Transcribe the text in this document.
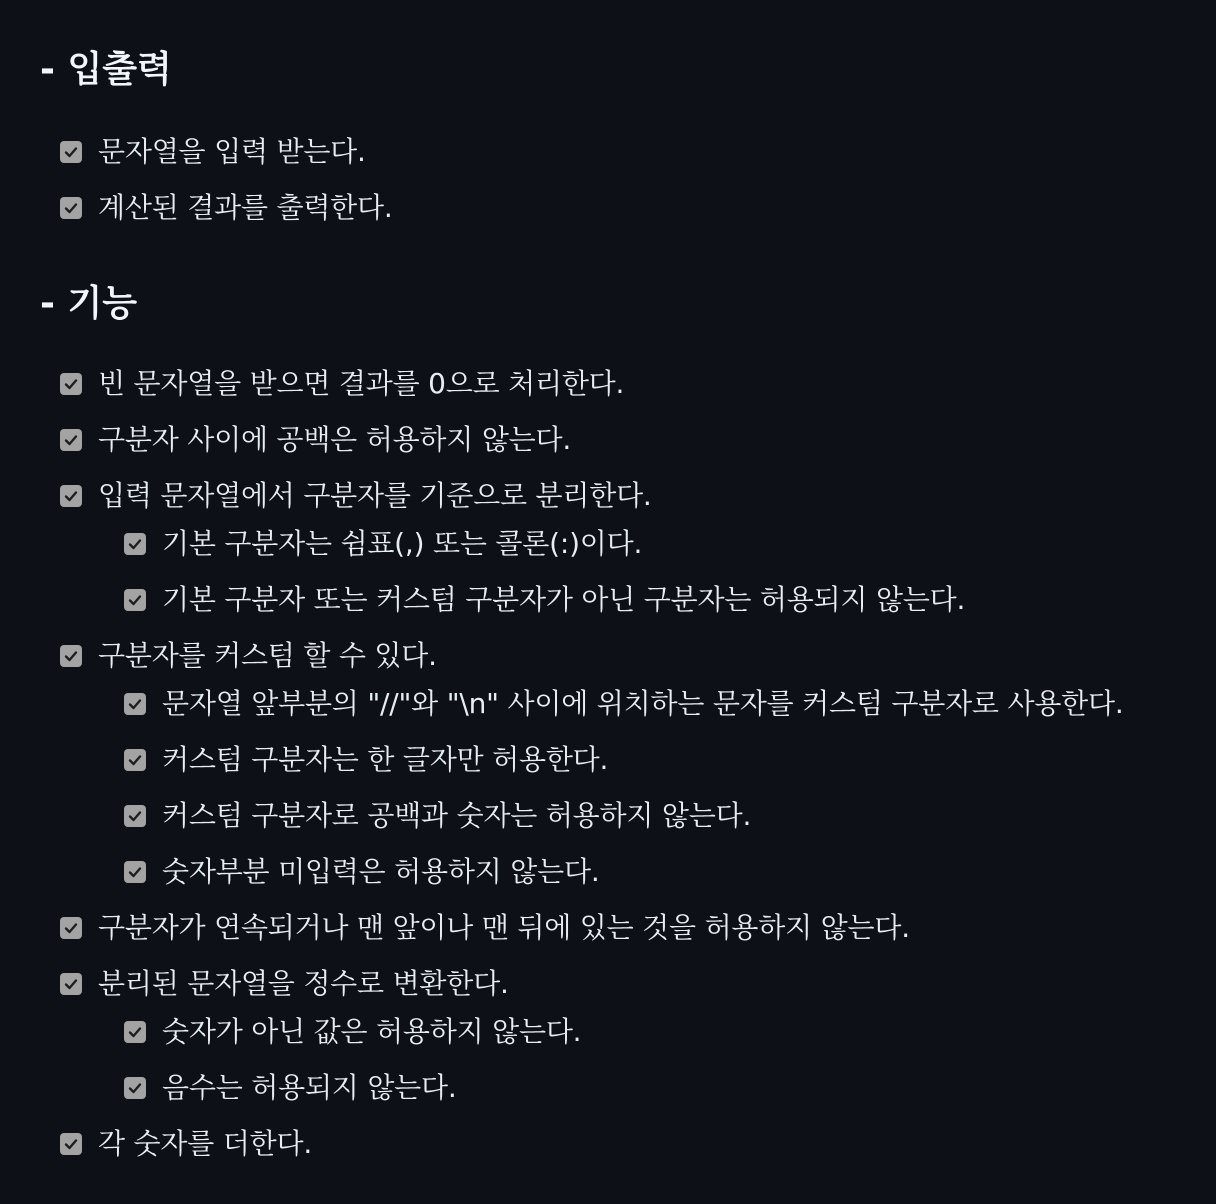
- 입출력
문자열을 입력 받는다.
계산된 결과를 출력한다.
- 기능
빈 문자열을 받으면 결과를 0으로 처리한다.
구분자 사이에 공백은 허용하지 않는다.
입력 문자열에서 구분자를 기준으로 분리한다.
기본 구분자는 쉼표(,) 또는 콜론(:)이다.
기본 구분자 또는 커스텀 구분자가 아닌 구분자는 허용되지 않는다.
구분자를 커스텀 할 수 있다.
문자열 앞부분의 "//"와 "\n" 사이에 위치하는 문자를 커스텀 구분자로 사용한다.
커스텀 구분자는 한 글자만 허용한다.
커스텀 구분자로 공백과 숫자는 허용하지 않는다.
숫자부분 미입력은 허용하지 않는다.
구분자가 연속되거나 맨 앞이나 맨 뒤에 있는 것을 허용하지 않는다.
분리된 문자열을 정수로 변환한다.
숫자가 아닌 값은 허용하지 않는다.
음수는 허용되지 않는다.
각 숫자를 더한다.
